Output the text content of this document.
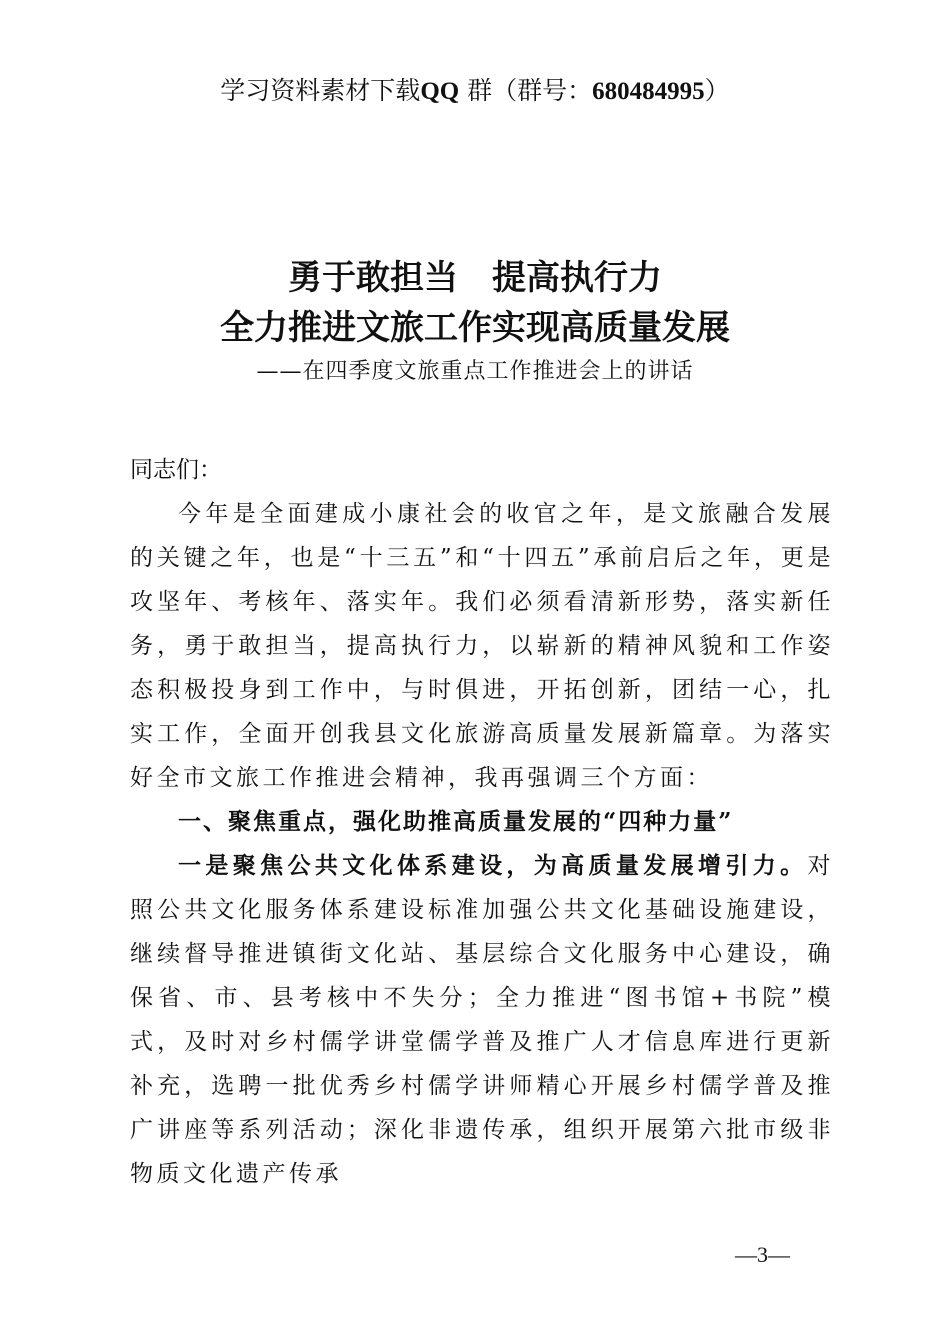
学习资料素材下载QQ 群（群号：680484995）
勇于敢担当 提高执行力
全力推进文旅工作实现高质量发展
——在四季度文旅重点工作推进会上的讲话

同志们：

今年是全面建成小康社会的收官之年，是文旅融合发展的关键之年，也是“十三五”和“十四五”承前启后之年，更是攻坚年、考核年、落实年。我们必须看清新形势，落实新任务，勇于敢担当，提高执行力，以崭新的精神风貌和工作姿态积极投身到工作中，与时俱进，开拓创新，团结一心，扎实工作，全面开创我县文化旅游高质量发展新篇章。为落实好全市文旅工作推进会精神，我再强调三个方面：

一、聚焦重点，强化助推高质量发展的“四种力量”

一是聚焦公共文化体系建设，为高质量发展增引力。对照公共文化服务体系建设标准加强公共文化基础设施建设，继续督导推进镇街文化站、基层综合文化服务中心建设，确保省、市、县考核中不失分；全力推进“图书馆+书院”模式，及时对乡村儒学讲堂儒学普及推广人才信息库进行更新补充，选聘一批优秀乡村儒学讲师精心开展乡村儒学普及推广讲座等系列活动；深化非遗传承，组织开展第六批市级非物质文化遗产传承

—3—
